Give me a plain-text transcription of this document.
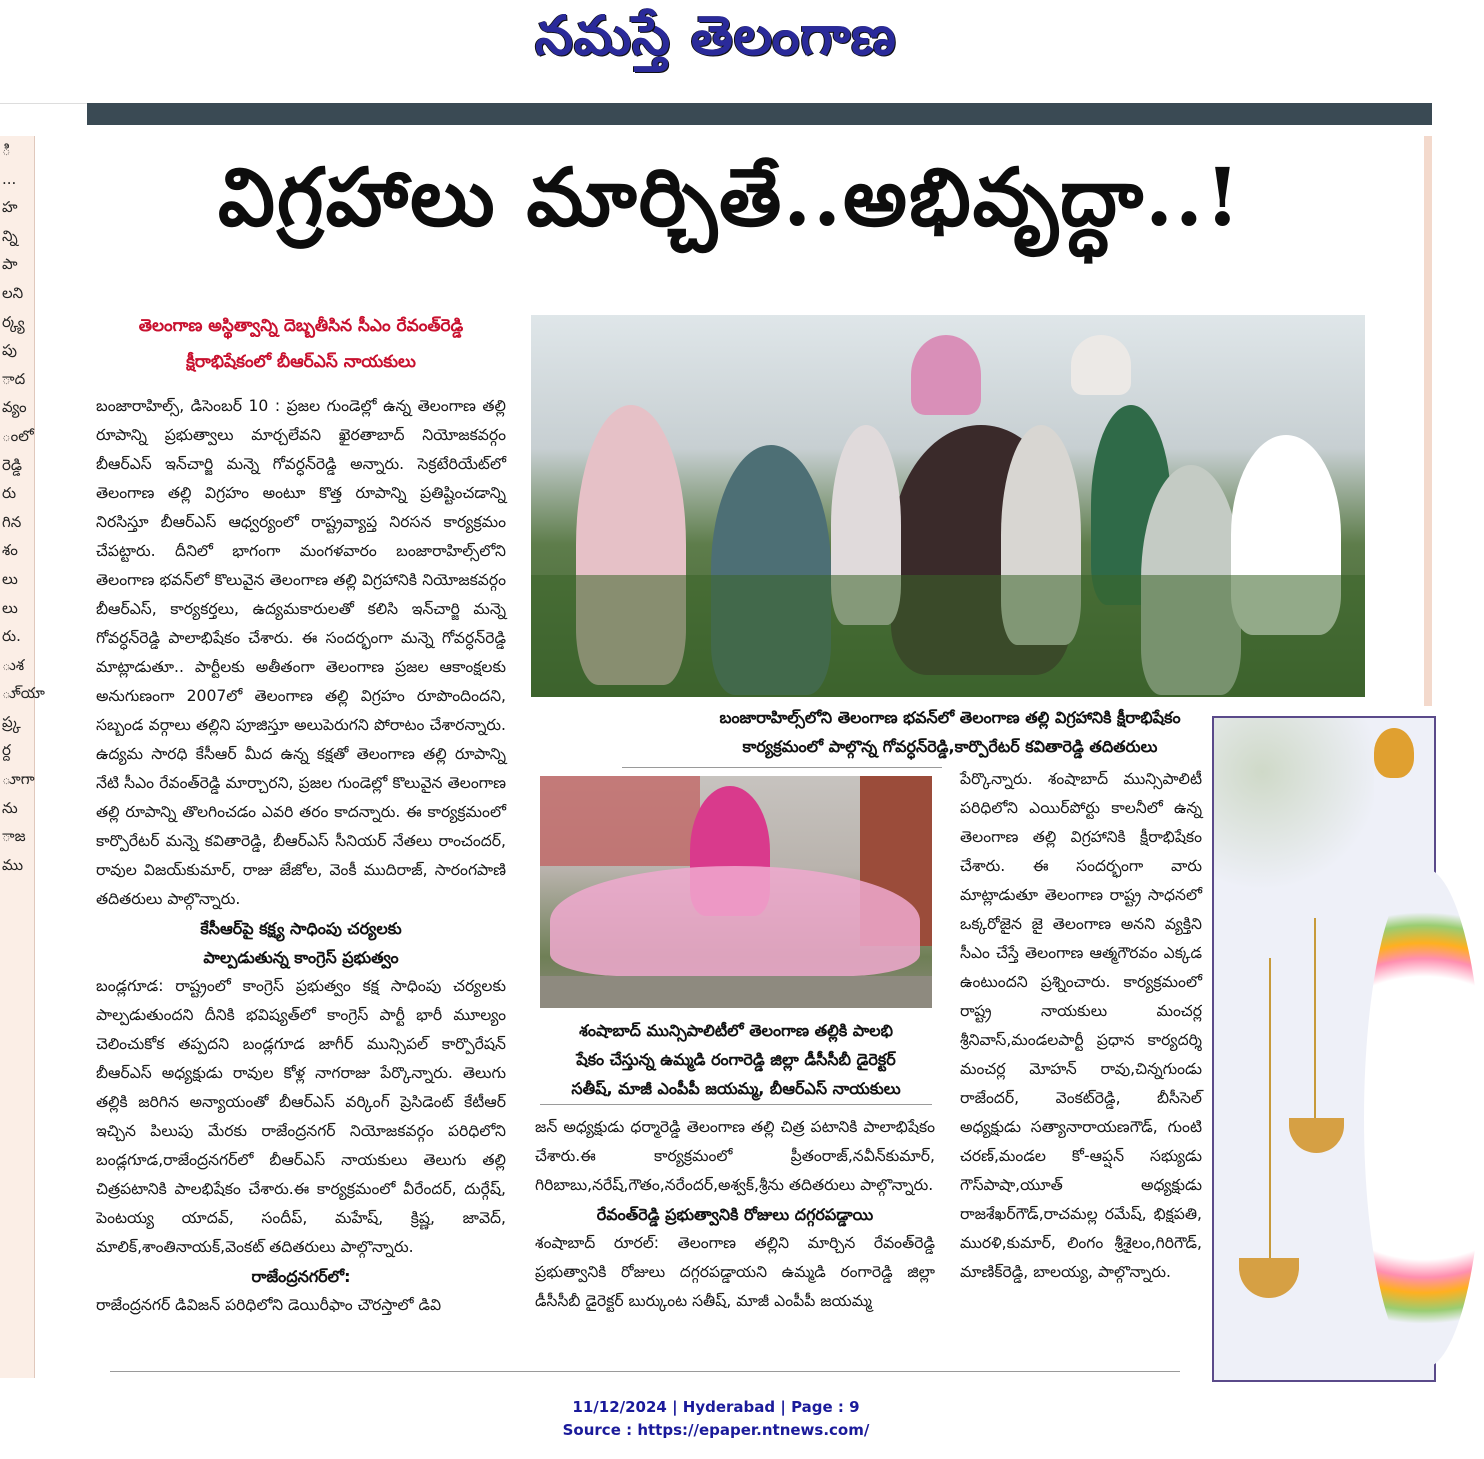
నమస్తే తెలంగాణ
ి
...
హ
న్ని
పా
లని
ర్క్య
పు
ాద
వ్యం
ంలో
రెడ్డి
రు
గిన
శం
లు
లు
రు.
ుశ
ూ్యా
ప్ర్క
ర్ద
ూగా
ను
ాజ
ము
విగ్రహాలు మార్చితే..అభివృద్ధా..!
తెలంగాణ అస్థిత్వాన్ని దెబ్బతీసిన సీఎం రేవంత్‌రెడ్డి
క్షీరాభిషేకంలో బీఆర్‌ఎస్‌ నాయకులు

బంజారాహిల్స్‌, డిసెంబర్‌ 10 : ప్రజల గుండెల్లో ఉన్న తెలంగాణ తల్లి రూపాన్ని ప్రభుత్వాలు మార్చలేవని ఖైరతాబాద్‌ నియోజకవర్గం బీఆర్‌ఎస్‌ ఇన్‌చార్జి మన్నె గోవర్ధన్‌రెడ్డి అన్నారు. సెక్రటేరియేట్‌లో తెలంగాణ తల్లి విగ్రహం అంటూ కొత్త రూపాన్ని ప్రతిష్టించడాన్ని నిరసిస్తూ బీఆర్‌ఎస్‌ ఆధ్వర్యంలో రాష్ట్రవ్యాప్త నిరసన కార్యక్రమం చేపట్టారు. దీనిలో భాగంగా మంగళవారం బంజారాహిల్స్‌లోని తెలంగాణ భవన్‌లో కొలువైన తెలంగాణ తల్లి విగ్రహానికి నియోజకవర్గం బీఆర్‌ఎస్‌, కార్యకర్తలు, ఉద్యమకారులతో కలిసి ఇన్‌చార్జి మన్నె గోవర్ధన్‌రెడ్డి పాలాభిషేకం చేశారు. ఈ సందర్భంగా మన్నె గోవర్ధన్‌రెడ్డి మాట్లాడుతూ.. పార్టీలకు అతీతంగా తెలంగాణ ప్రజల ఆకాంక్షలకు అనుగుణంగా 2007లో తెలంగాణ తల్లి విగ్రహం రూపొందిందని, సబ్బండ వర్గాలు తల్లిని పూజిస్తూ అలుపెరుగని పోరాటం చేశారన్నారు. ఉద్యమ సారధి కేసీఆర్‌ మీద ఉన్న కక్షతో తెలంగాణ తల్లి రూపాన్ని నేటి సీఎం రేవంత్‌రెడ్డి మార్చారని, ప్రజల గుండెల్లో కొలువైన తెలంగాణ తల్లి రూపాన్ని తొలగించడం ఎవరి తరం కాదన్నారు. ఈ కార్యక్రమంలో కార్పొరేటర్‌ మన్నె కవితారెడ్డి, బీఆర్‌ఎస్‌ సీనియర్‌ నేతలు రాంచందర్‌, రావుల విజయ్‌కుమార్‌, రాజు జేజోల, వెంకీ ముదిరాజ్‌, సారంగపాణి తదితరులు పాల్గొన్నారు.

కేసీఆర్‌పై కక్ష్య సాధింపు చర్యలకు

పాల్పడుతున్న కాంగ్రెస్‌ ప్రభుత్వం

బండ్లగూడ: రాష్ట్రంలో కాంగ్రెస్‌ ప్రభుత్వం కక్ష సాధింపు చర్యలకు పాల్పడుతుందని దీనికి భవిష్యత్‌లో కాంగ్రెస్‌ పార్టీ భారీ మూల్యం చెలించుకోక తప్పదని బండ్లగూడ జాగీర్‌ మున్సిపల్‌ కార్పొరేషన్‌ బీఆర్‌ఎస్‌ అధ్యక్షుడు రావుల కోళ్ల నాగరాజు పేర్కొన్నారు. తెలుగు తల్లికి జరిగిన అన్యాయంతో బీఆర్‌ఎస్‌ వర్కింగ్‌ ప్రెసిడెంట్‌ కేటీఆర్‌ ఇచ్చిన పిలుపు మేరకు రాజేంద్రనగర్‌ నియోజకవర్గం పరిధిలోని బండ్లగూడ,రాజేంద్రనగర్‌లో బీఆర్‌ఎస్‌ నాయకులు తెలుగు తల్లి చిత్రపటానికి పాలభిషేకం చేశారు.ఈ కార్యక్రమంలో వీరేందర్‌, దుర్గేష్‌, పెంటయ్య యాదవ్‌, సందీప్‌, మహేష్‌, క్రిష్ణ, జావెద్‌, మాలిక్‌,శాంతినాయక్‌,వెంకట్‌ తదితరులు పాల్గొన్నారు.

రాజేంద్రనగర్‌లో:

రాజేంద్రనగర్‌ డివిజన్‌ పరిధిలోని డెయిరీఫాం చౌరస్తాలో డివి

బంజారాహిల్స్‌లోని తెలంగాణ భవన్‌లో తెలంగాణ తల్లి విగ్రహానికి క్షీరాభిషేకం
కార్యక్రమంలో పాల్గొన్న గోవర్ధన్‌రెడ్డి,కార్పొరేటర్‌ కవితారెడ్డి తదితరులు
శంషాబాద్‌ మున్సిపాలిటీలో తెలంగాణ తల్లికి పాలభి
షేకం చేస్తున్న ఉమ్మడి రంగారెడ్డి జిల్లా డీసీసీబీ డైరెక్టర్‌
సతీష్‌, మాజీ ఎంపీపీ జయమ్మ, బీఆర్‌ఎస్‌ నాయకులు

జన్‌ అధ్యక్షుడు ధర్మారెడ్డి తెలంగాణ తల్లి చిత్ర పటానికి పాలాభిషేకం చేశారు.ఈ కార్యక్రమంలో ప్రీతంరాజ్‌,నవీన్‌కుమార్‌, గిరిబాబు,నరేష్‌,గౌతం,నరేందర్‌,అశ్వక్‌,శ్రీను తదితరులు పాల్గొన్నారు.

రేవంత్‌రెడ్డి ప్రభుత్వానికి రోజులు దగ్గరపడ్డాయి

శంషాబాద్‌ రూరల్‌: తెలంగాణ తల్లిని మార్చిన రేవంత్‌రెడ్డి ప్రభుత్వానికి రోజులు దగ్గరపడ్డాయని ఉమ్మడి రంగారెడ్డి జిల్లా డీసీసీబీ డైరెక్టర్‌ బుర్కుంట సతీష్‌, మాజీ ఎంపీపీ జయమ్మ

పేర్కొన్నారు. శంషాబాద్‌ మున్సిపాలిటీ పరిధిలోని ఎయిర్‌పోర్టు కాలనీలో ఉన్న తెలంగాణ తల్లి విగ్రహానికి క్షీరాభిషేకం చేశారు. ఈ సందర్భంగా వారు మాట్లాడుతూ తెలంగాణ రాష్ట్ర సాధనలో ఒక్కరోజైన జై తెలంగాణ అనని వ్యక్తిని సీఎం చేస్తే తెలంగాణ ఆత్మగౌరవం ఎక్కడ ఉంటుందని ప్రశ్నించారు. కార్యక్రమంలో రాష్ట్ర నాయకులు మంచర్ల శ్రీనివాస్‌,మండలపార్టీ ప్రధాన కార్యదర్శి మంచర్ల మోహన్‌ రావు,చిన్నగుండు రాజేందర్‌, వెంకట్‌రెడ్డి, బీసీసెల్‌ అధ్యక్షుడు సత్యానారాయణగౌడ్‌, గుంటి చరణ్‌,మండల కో-ఆప్షన్‌ సభ్యుడు గౌస్‌పాషా,యూత్‌ అధ్యక్షుడు రాజశేఖర్‌గౌడ్‌,రాచమల్ల రమేష్‌, భిక్షపతి, మురళి,కుమార్‌, లింగం శ్రీశైలం,గిరిగౌడ్‌, మాణిక్‌రెడ్డి, బాలయ్య, పాల్గొన్నారు.

11/12/2024 | Hyderabad | Page : 9
Source : https://epaper.ntnews.com/
